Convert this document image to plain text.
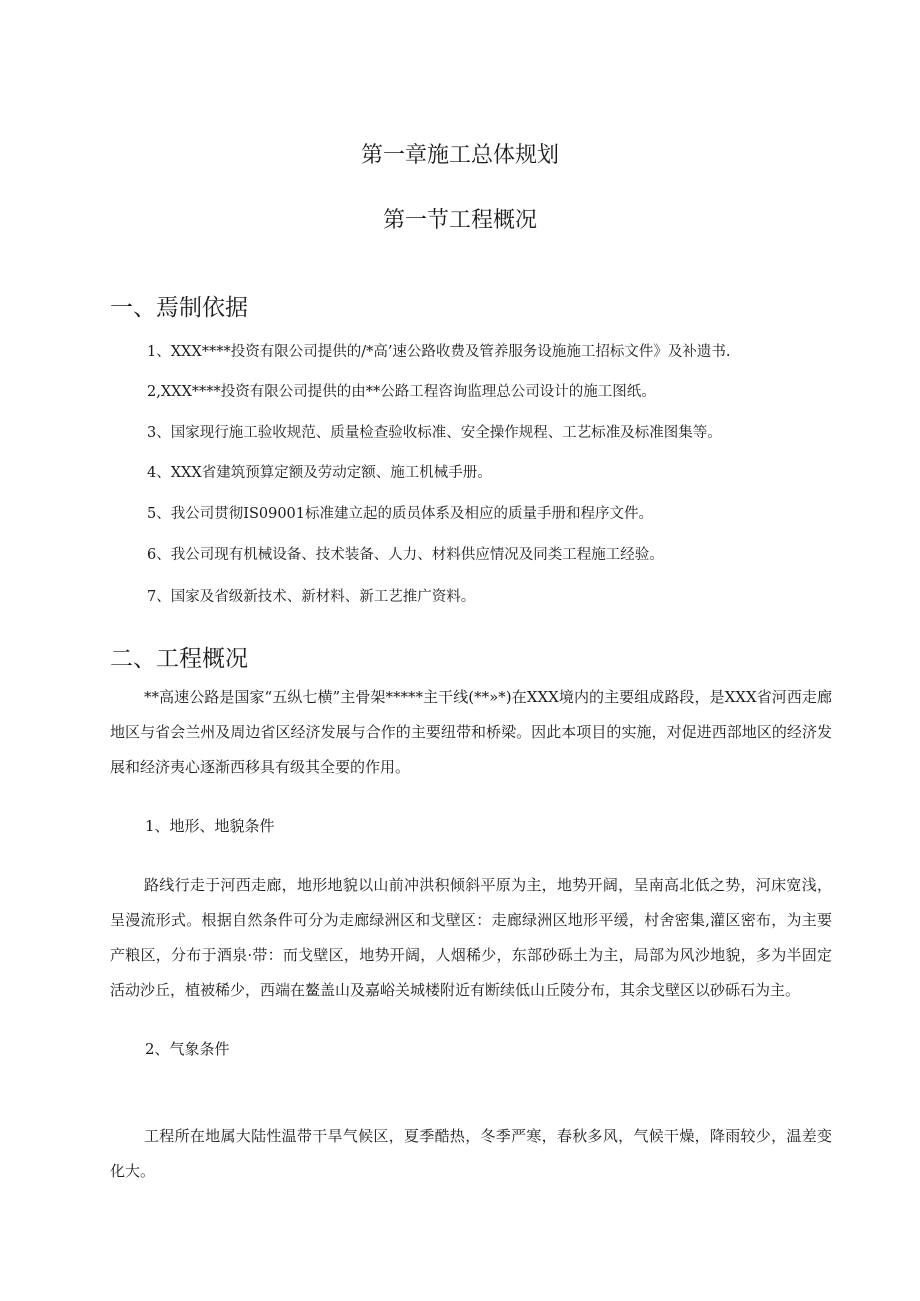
第一章施工总体规划
第一节工程概况
一、焉制依据

1、XXX****投资有限公司提供的/*高’速公路收费及管养服务设施施工招标文件》及补遗书.

2,XXX****投资有限公司提供的由**公路工程咨询监理总公司设计的施工图纸。

3、国家现行施工验收规范、质量检查验收标准、安全操作规程、工艺标准及标准图集等。

4、XXX省建筑预算定额及劳动定额、施工机械手册。

5、我公司贯彻IS09001标准建立起的质员体系及相应的质量手册和程序文件。

6、我公司现有机械设备、技术装备、人力、材料供应情况及同类工程施工经验。

7、国家及省级新技术、新材料、新工艺推广资料。

二、工程概况

**高速公路是国家“五纵七横”主骨架*****主干线(**»*)在XXX境内的主要组成路段，是XXX省河西走廊地区与省会兰州及周边省区经济发展与合作的主要纽带和桥梁。因此本项目的实施，对促进西部地区的经济发展和经济夷心逐渐西移具有级其全要的作用。

1、地形、地貌条件

路线行走于河西走廊，地形地貌以山前冲洪积倾斜平原为主，地势开阔，呈南高北低之势，河床宽浅，呈漫流形式。根据自然条件可分为走廊绿洲区和戈壁区：走廊绿洲区地形平缓，村舍密集,灌区密布，为主要产粮区，分布于酒泉·带：而戈壁区，地势开阔，人烟稀少，东部砂砾土为主，局部为风沙地貌，多为半固定活动沙丘，植被稀少，西端在鳌盖山及嘉峪关城楼附近有断续低山丘陵分布，其余戈壁区以砂砾石为主。

2、气象条件

工程所在地属大陆性温带干旱气候区，夏季酷热，冬季严寒，春秋多风，气候干燥，降雨较少，温差变化大。
